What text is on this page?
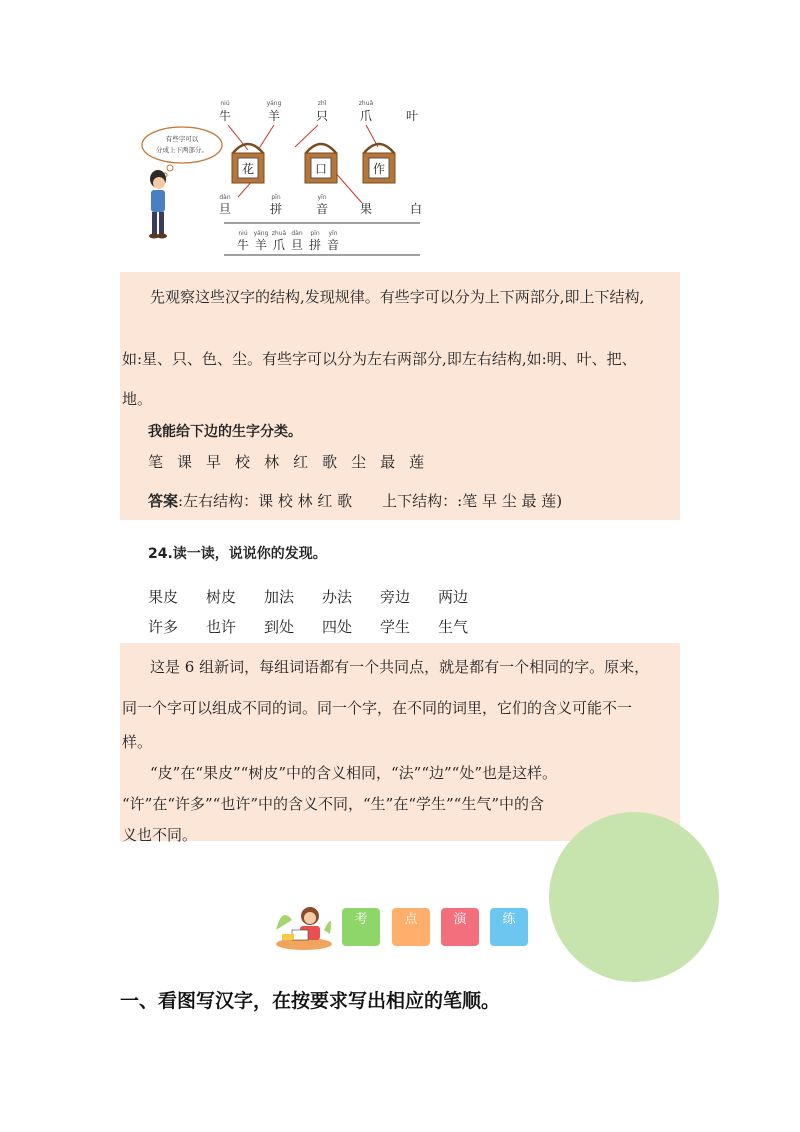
有些字可以
分成上下两部分。
niú
牛
yáng
羊
zhǐ
只
zhuǎ
爪	叶
花	口	作
dàn
旦
pīn
拼
yīn
音	果	白
niú
牛
yáng
羊
zhuǎ
爪
dàn
旦
pīn
拼
yīn
音
先观察这些汉字的结构,发现规律。有些字可以分为上下两部分,即上下结构,
如:星、只、色、尘。有些字可以分为左右两部分,即左右结构,如:明、叶、把、
地。
我能给下边的生字分类。
笔 课 早 校 林 红 歌 尘 最 莲
答案:左右结构：课 校 林 红 歌　　上下结构：:笔 早 尘 最 莲)
24.读一读，说说你的发现。
果皮 树皮 加法 办法 旁边 两边
许多 也许 到处 四处 学生 生气
这是 6 组新词，每组词语都有一个共同点，就是都有一个相同的字。原来，
同一个字可以组成不同的词。同一个字，在不同的词里，它们的含义可能不一
样。
“皮”在“果皮”“树皮”中的含义相同，“法”“边”“处”也是这样。
“许”在“许多”“也许”中的含义不同，“生”在“学生”“生气”中的含
义也不同。
考	点	演	练
一、看图写汉字，在按要求写出相应的笔顺。
